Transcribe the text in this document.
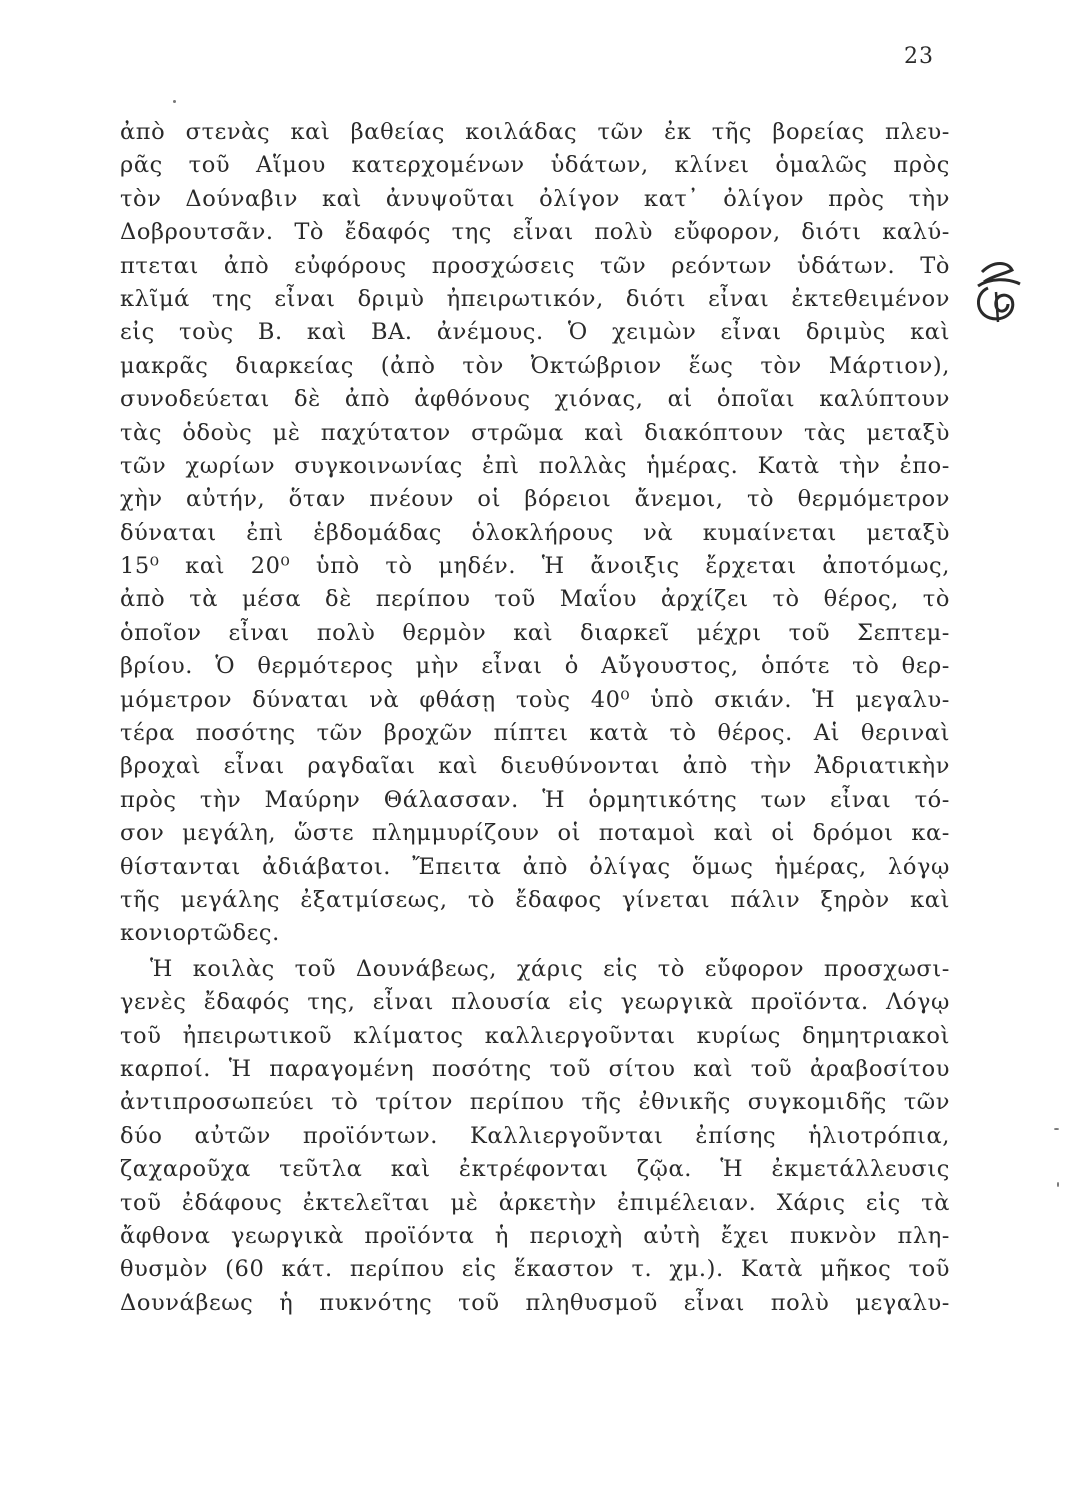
23
ἀπὸ στενὰς καὶ βαθείας κοιλάδας τῶν ἐκ τῆς βορείας πλευ-
ρᾶς τοῦ Αἵμου κατερχομένων ὑδάτων, κλίνει ὁμαλῶς πρὸς
τὸν Δούναβιν καὶ ἀνυψοῦται ὀλίγον κατ᾿ ὀλίγον πρὸς τὴν
Δοβρουτσᾶν. Τὸ ἔδαφός της εἶναι πολὺ εὔφορον, διότι καλύ-
πτεται ἀπὸ εὐφόρους προσχώσεις τῶν ρεόντων ὑδάτων. Τὸ
κλῖμά της εἶναι δριμὺ ἠπειρωτικόν, διότι εἶναι ἐκτεθειμένον
εἰς τοὺς Β. καὶ ΒΑ. ἀνέμους. Ὁ χειμὼν εἶναι δριμὺς καὶ
μακρᾶς διαρκείας (ἀπὸ τὸν Ὀκτώβριον ἕως τὸν Μάρτιον),
συνοδεύεται δὲ ἀπὸ ἀφθόνους χιόνας, αἱ ὁποῖαι καλύπτουν
τὰς ὁδοὺς μὲ παχύτατον στρῶμα καὶ διακόπτουν τὰς μεταξὺ
τῶν χωρίων συγκοινωνίας ἐπὶ πολλὰς ἡμέρας. Κατὰ τὴν ἐπο-
χὴν αὐτήν, ὅταν πνέουν οἱ βόρειοι ἄνεμοι, τὸ θερμόμετρον
δύναται ἐπὶ ἑβδομάδας ὁλοκλήρους νὰ κυμαίνεται μεταξὺ
15⁰ καὶ 20⁰ ὑπὸ τὸ μηδέν. Ἡ ἄνοιξις ἔρχεται ἀποτόμως,
ἀπὸ τὰ μέσα δὲ περίπου τοῦ Μαΐου ἀρχίζει τὸ θέρος, τὸ
ὁποῖον εἶναι πολὺ θερμὸν καὶ διαρκεῖ μέχρι τοῦ Σεπτεμ-
βρίου. Ὁ θερμότερος μὴν εἶναι ὁ Αὔγουστος, ὁπότε τὸ θερ-
μόμετρον δύναται νὰ φθάσῃ τοὺς 40⁰ ὑπὸ σκιάν. Ἡ μεγαλυ-
τέρα ποσότης τῶν βροχῶν πίπτει κατὰ τὸ θέρος. Αἱ θεριναὶ
βροχαὶ εἶναι ραγδαῖαι καὶ διευθύνονται ἀπὸ τὴν Ἀδριατικὴν
πρὸς τὴν Μαύρην Θάλασσαν. Ἡ ὁρμητικότης των εἶναι τό-
σον μεγάλη, ὥστε πλημμυρίζουν οἱ ποταμοὶ καὶ οἱ δρόμοι κα-
θίστανται ἀδιάβατοι. Ἔπειτα ἀπὸ ὀλίγας ὅμως ἡμέρας, λόγῳ
τῆς μεγάλης ἐξατμίσεως, τὸ ἔδαφος γίνεται πάλιν ξηρὸν καὶ
κονιορτῶδες.
Ἡ κοιλὰς τοῦ Δουνάβεως, χάρις εἰς τὸ εὔφορον προσχωσι-
γενὲς ἔδαφός της, εἶναι πλουσία εἰς γεωργικὰ προϊόντα. Λόγῳ
τοῦ ἠπειρωτικοῦ κλίματος καλλιεργοῦνται κυρίως δημητριακοὶ
καρποί. Ἡ παραγομένη ποσότης τοῦ σίτου καὶ τοῦ ἀραβοσίτου
ἀντιπροσωπεύει τὸ τρίτον περίπου τῆς ἐθνικῆς συγκομιδῆς τῶν
δύο αὐτῶν προϊόντων. Καλλιεργοῦνται ἐπίσης ἡλιοτρόπια,
ζαχαροῦχα τεῦτλα καὶ ἐκτρέφονται ζῷα. Ἡ ἐκμετάλλευσις
τοῦ ἐδάφους ἐκτελεῖται μὲ ἀρκετὴν ἐπιμέλειαν. Χάρις εἰς τὰ
ἄφθονα γεωργικὰ προϊόντα ἡ περιοχὴ αὐτὴ ἔχει πυκνὸν πλη-
θυσμὸν (60 κάτ. περίπου εἰς ἕκαστον τ. χμ.). Κατὰ μῆκος τοῦ
Δουνάβεως ἡ πυκνότης τοῦ πληθυσμοῦ εἶναι πολὺ μεγαλυ-
